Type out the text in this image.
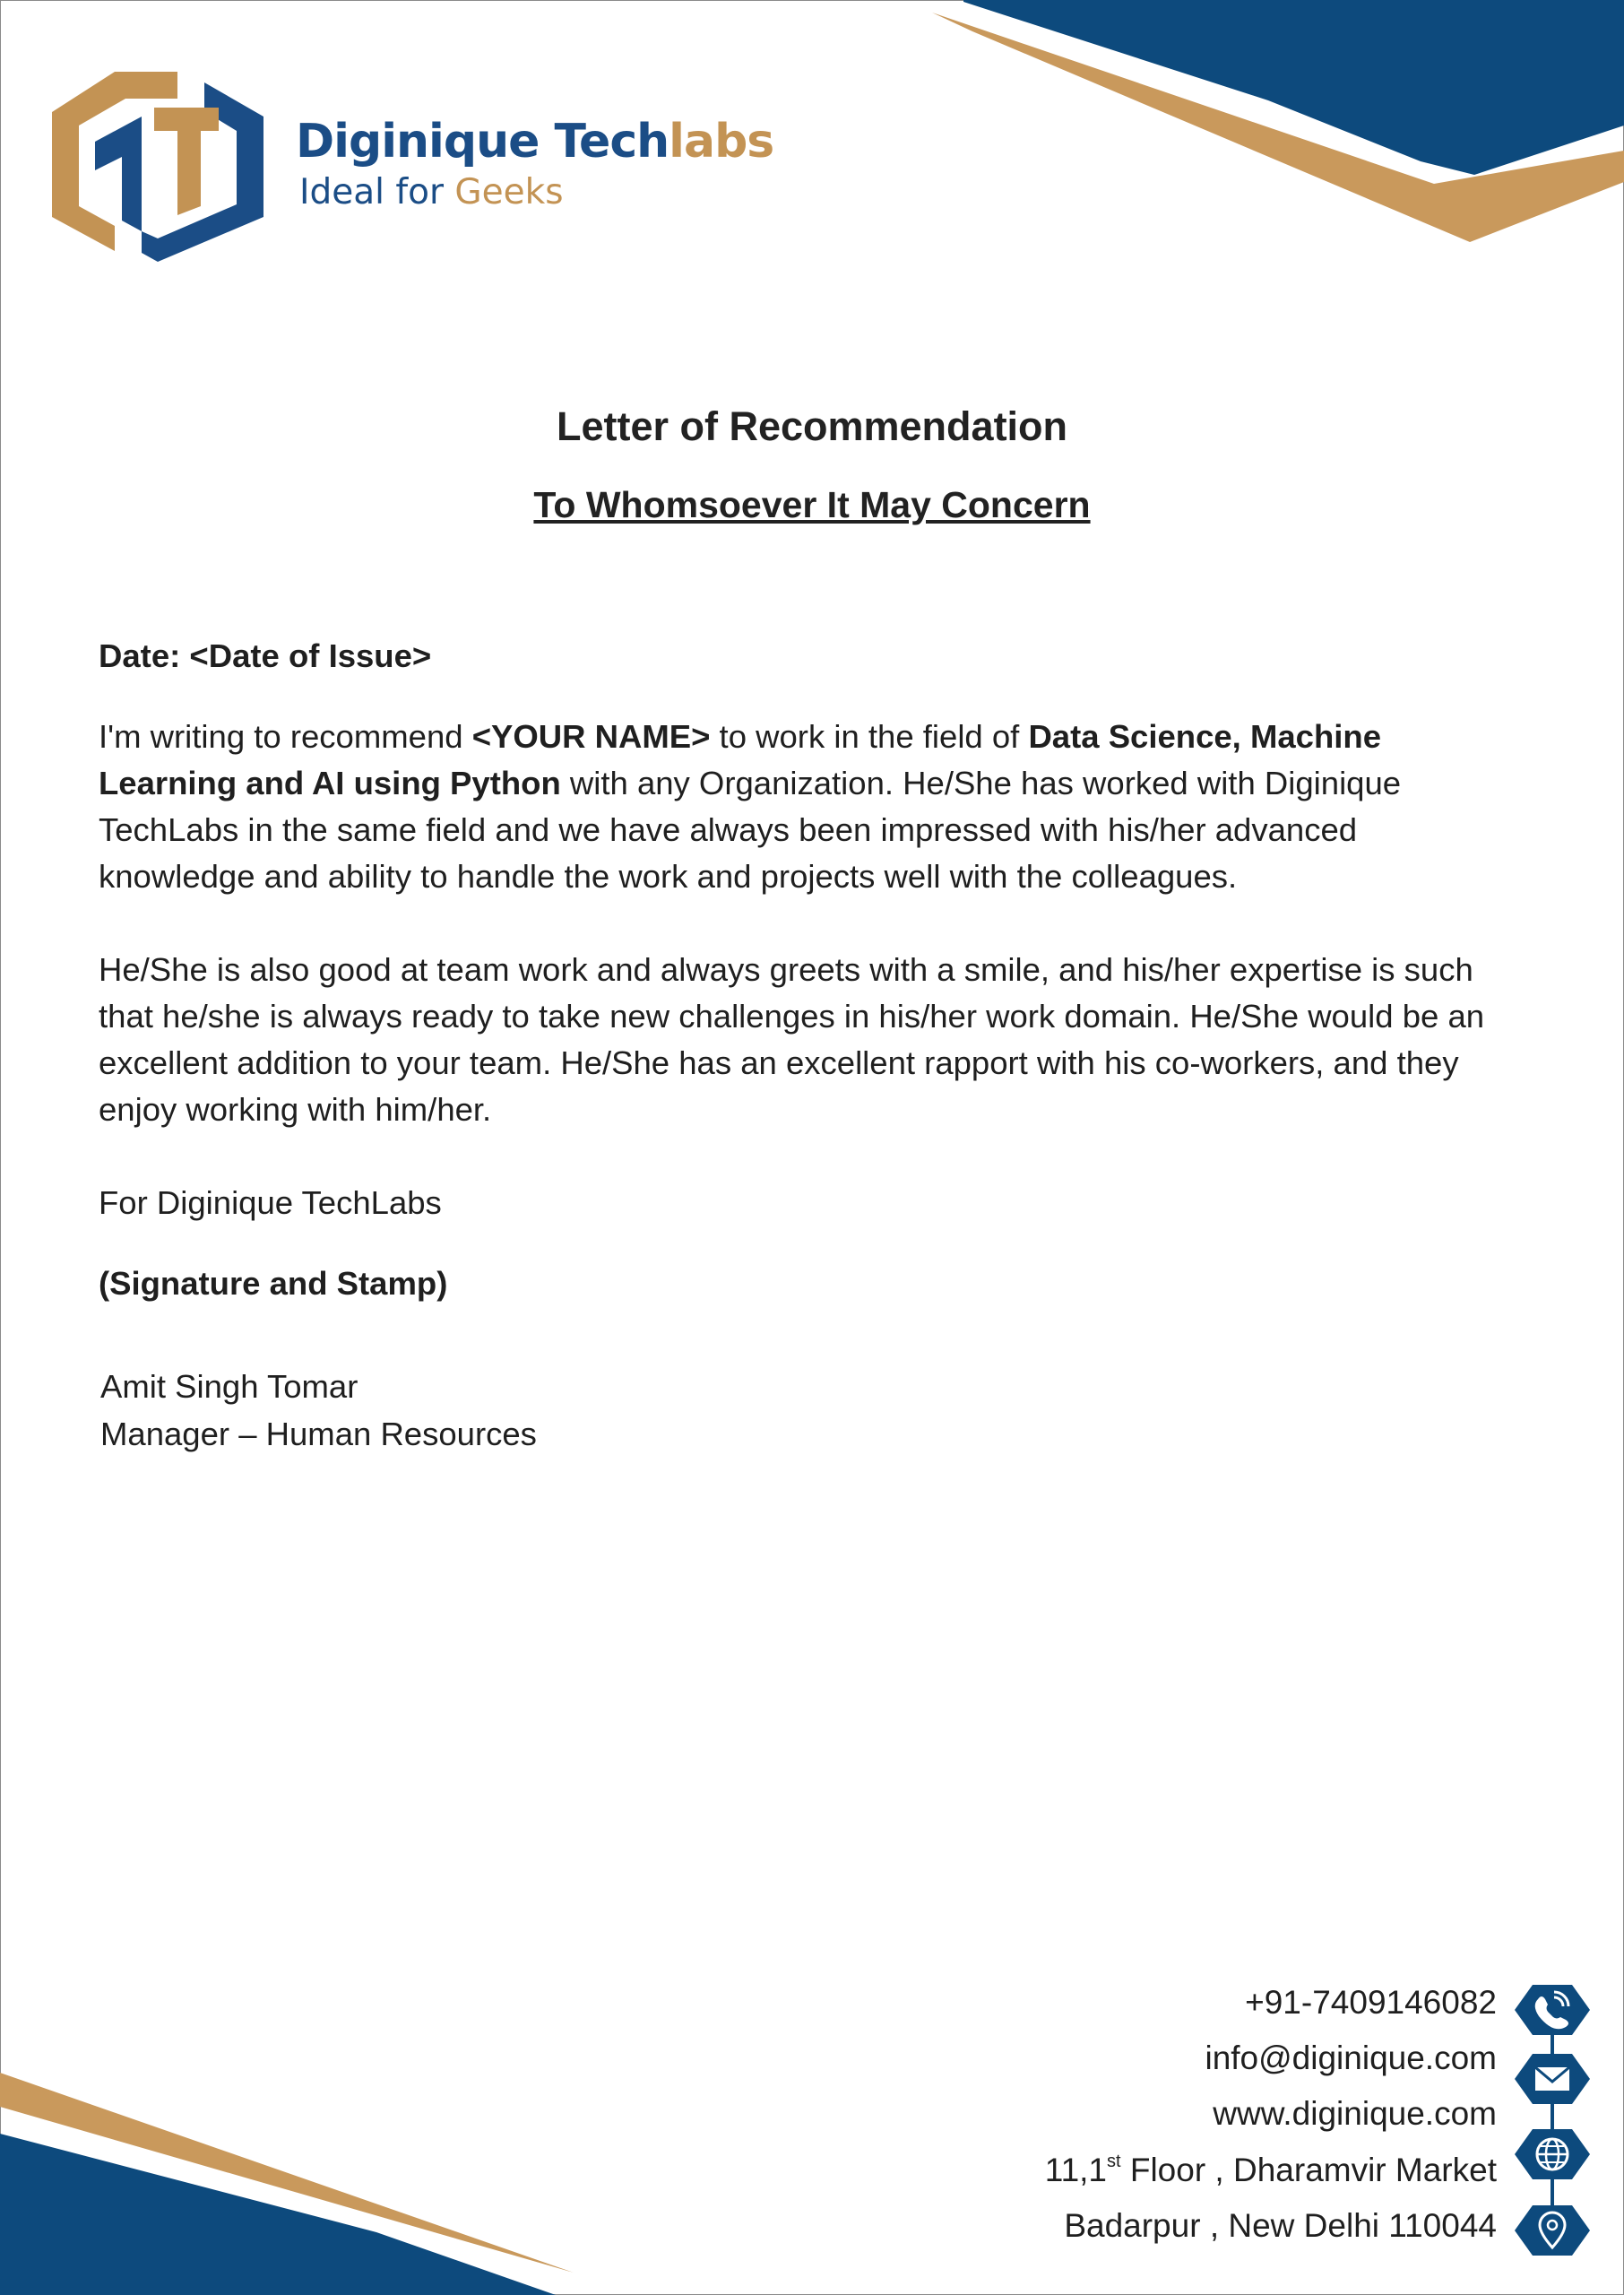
Diginique Techlabs
Ideal for Geeks
Letter of Recommendation
To Whomsoever It May Concern
Date: <Date of Issue>
I'm writing to recommend <YOUR NAME> to work in the field of Data Science, Machine Learning and AI using Python with any Organization. He/She has worked with Diginique TechLabs in the same field and we have always been impressed with his/her advanced knowledge and ability to handle the work and projects well with the colleagues.
He/She is also good at team work and always greets with a smile, and his/her expertise is such that he/she is always ready to take new challenges in his/her work domain. He/She would be an excellent addition to your team. He/She has an excellent rapport with his co-workers, and they enjoy working with him/her.
For Diginique TechLabs
(Signature and Stamp)
Amit Singh Tomar
Manager – Human Resources
+91-7409146082
info@diginique.com
www.diginique.com
11,1st Floor , Dharamvir Market
Badarpur , New Delhi 110044
